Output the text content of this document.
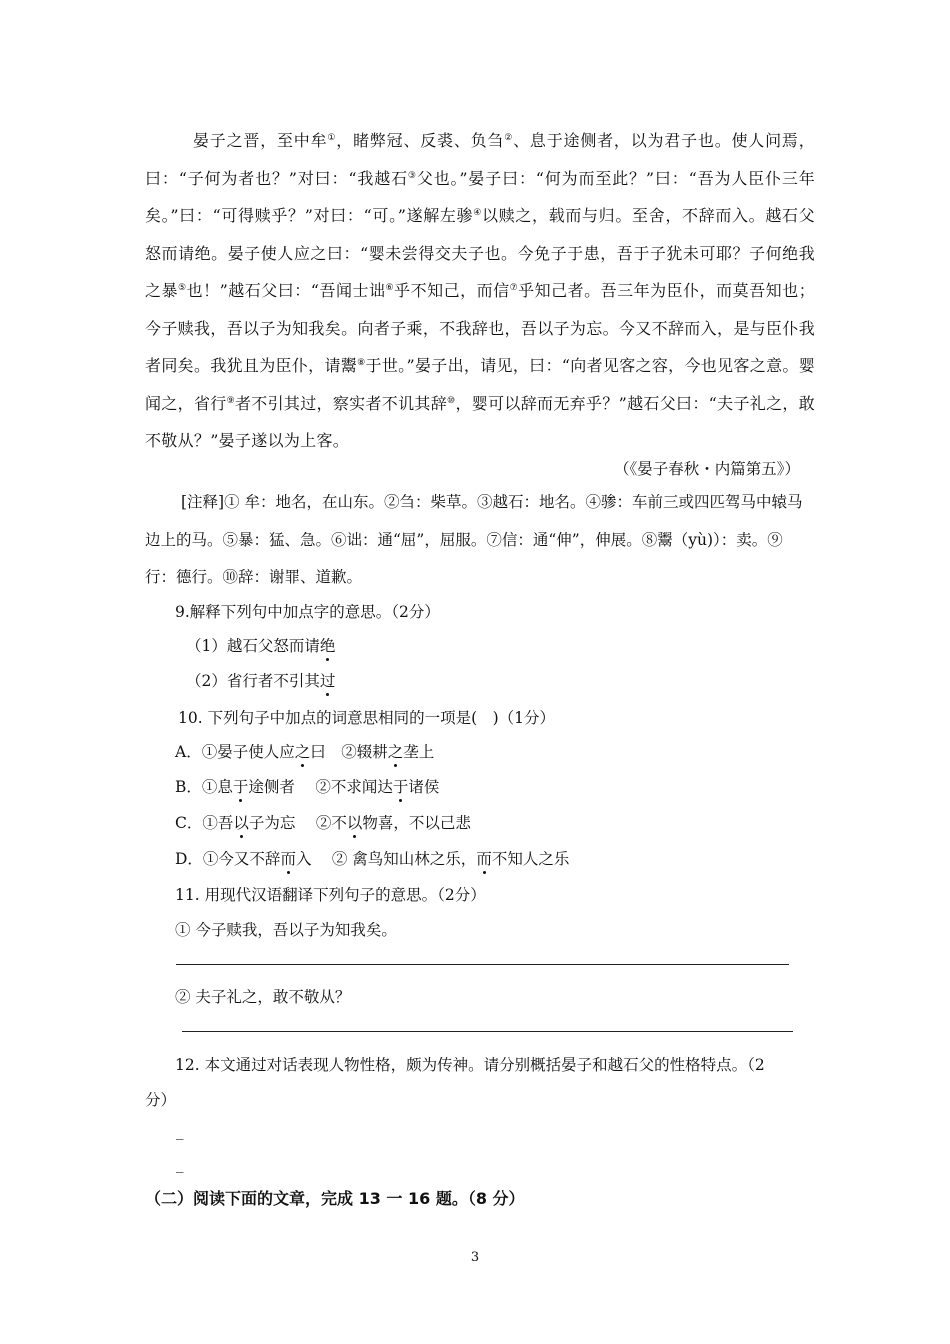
晏子之晋，至中牟①，睹弊冠、反裘、负刍②、息于途侧者，以为君子也。使人问焉，曰：“子何为者也？”对曰：“我越石③父也。”晏子曰：“何为而至此？”曰：“吾为人臣仆三年矣。”曰：“可得赎乎？”对曰：“可。”遂解左骖④以赎之，载而与归。至舍，不辞而入。越石父怒而请绝。晏子使人应之曰：“婴未尝得交夫子也。今免子于患，吾于子犹未可耶？子何绝我之暴⑤也！”越石父曰：“吾闻士诎⑥乎不知己，而信⑦乎知己者。吾三年为臣仆，而莫吾知也；今子赎我，吾以子为知我矣。向者子乘，不我辞也，吾以子为忘。今又不辞而入，是与臣仆我者同矣。我犹且为臣仆，请鬻⑧于世。”晏子出，请见，曰：“向者见客之容，今也见客之意。婴闻之，省行⑨者不引其过，察实者不讥其辞⑩，婴可以辞而无弃乎？”越石父曰：“夫子礼之，敢不敬从？”晏子遂以为上客。

（《晏子春秋・内篇第五》）
[注释]① 牟：地名，在山东。②刍：柴草。③越石：地名。④骖：车前三或四匹驾马中辕马边上的马。⑤暴：猛、急。⑥诎：通“屈”，屈服。⑦信：通“伸”，伸展。⑧鬻（yù)）：卖。⑨行：德行。⑩辞：谢罪、道歉。
9.解释下列句中加点字的意思。（2分）
（1）越石父怒而请绝
（2）省行者不引其过
10. 下列句子中加点的词意思相同的一项是(　)（1分）
A．①晏子使人应之曰　②辍耕之垄上
B．①息于途侧者　 ②不求闻达于诸侯
C．①吾以子为忘　 ②不以物喜，不以己悲
D．①今又不辞而入　 ② 禽鸟知山林之乐，而不知人之乐
11. 用现代汉语翻译下列句子的意思。（2分）
① 今子赎我，吾以子为知我矣。
② 夫子礼之，敢不敬从？
12. 本文通过对话表现人物性格，颇为传神。请分别概括晏子和越石父的性格特点。（2
分）
_
_
（二）阅读下面的文章，完成 13 一 16 题。（8 分）
3
